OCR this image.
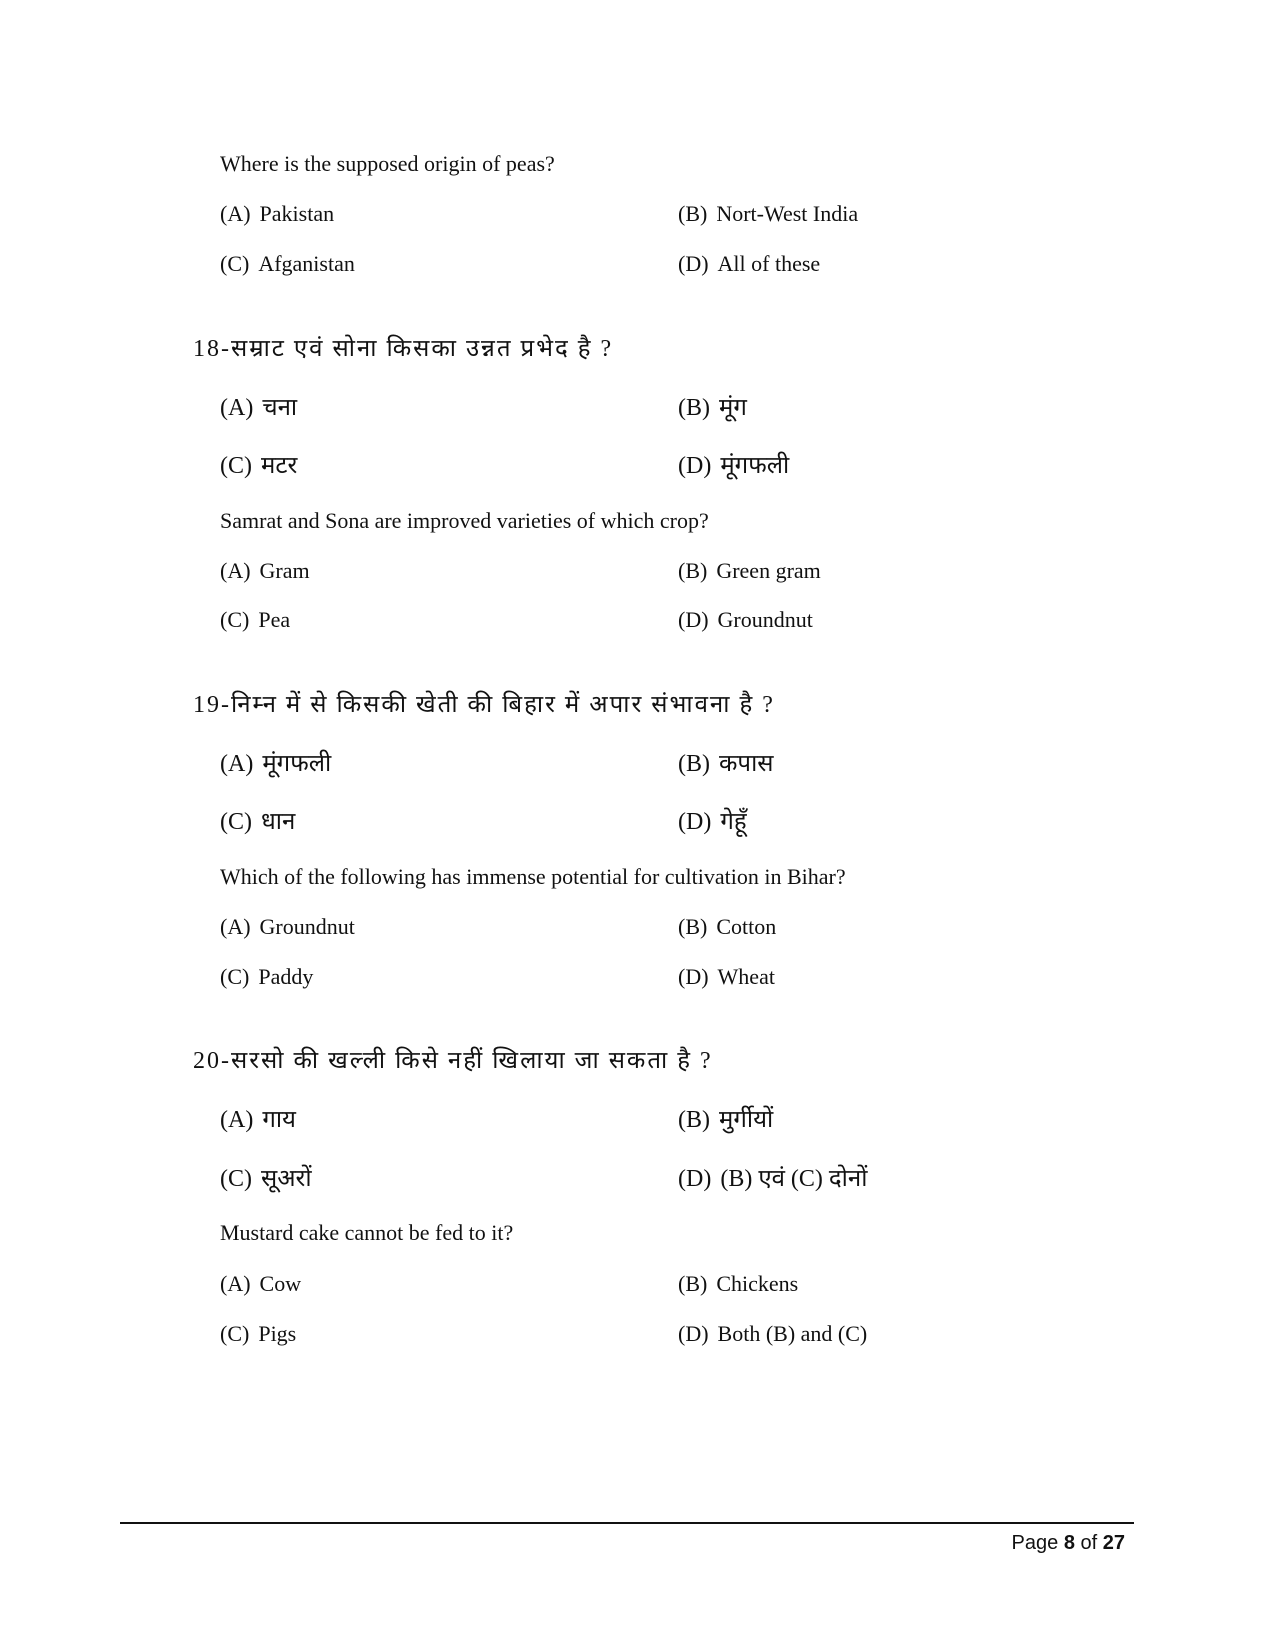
Where is the supposed origin of peas?
(A) Pakistan	(B) Nort-West India
(C) Afganistan	(D) All of these
18-सम्राट एवं सोना किसका उन्नत प्रभेद है ?
(A) चना	(B) मूंग
(C) मटर	(D) मूंगफली
Samrat and Sona are improved varieties of which crop?
(A) Gram	(B) Green gram
(C) Pea	(D) Groundnut
19-निम्न में से किसकी खेती की बिहार में अपार संभावना है ?
(A) मूंगफली	(B) कपास
(C) धान	(D) गेहूँ
Which of the following has immense potential for cultivation in Bihar?
(A) Groundnut	(B) Cotton
(C) Paddy	(D) Wheat
20-सरसो की खल्ली किसे नहीं खिलाया जा सकता है ?
(A) गाय	(B) मुर्गीयों
(C) सूअरों	(D) (B) एवं (C) दोनों
Mustard cake cannot be fed to it?
(A) Cow	(B) Chickens
(C) Pigs	(D) Both (B) and (C)
Page 8 of 27
